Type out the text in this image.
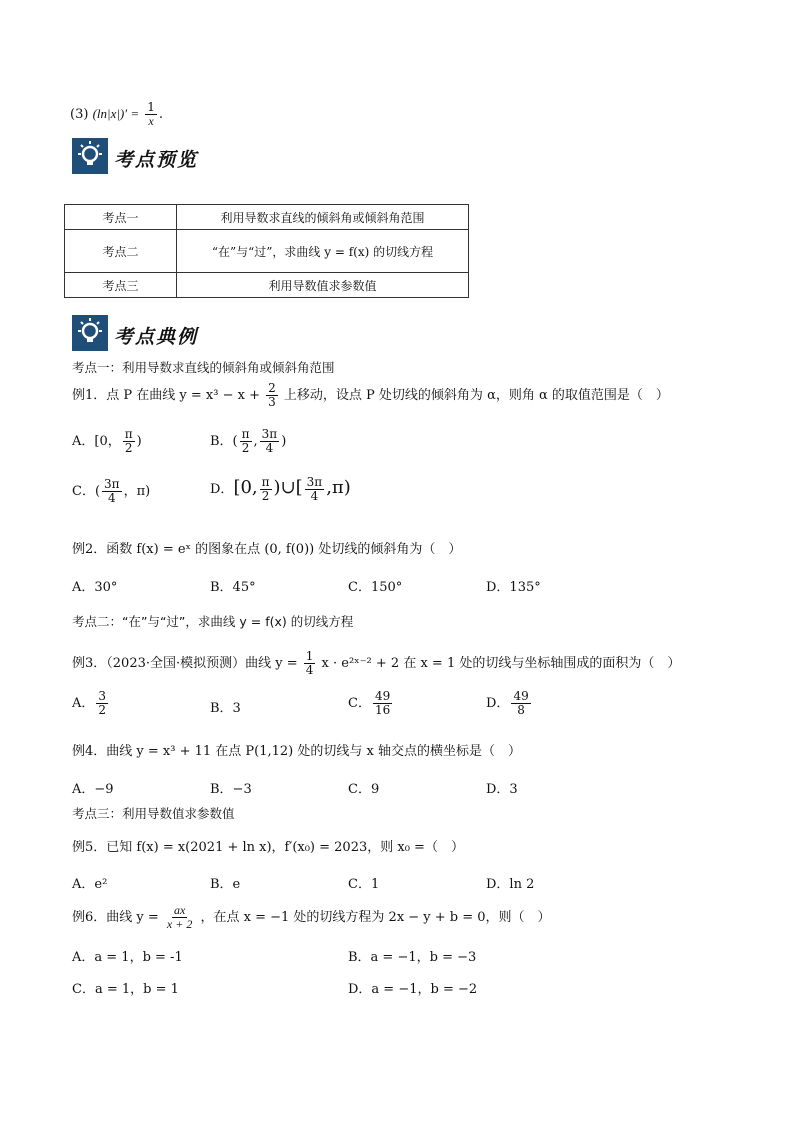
(3) $(\ln|x|)' = \frac{1}{x}$ .
考点预览
考点一	利用导数求直线的倾斜角或倾斜角范围
考点二	“在”与“过”，求曲线 y = f(x) 的切线方程
考点三	利用导数值求参数值
考点典例
考点一：利用导数求直线的倾斜角或倾斜角范围
例1．点 P 在曲线 $y = x^3 - x + \frac{2}{3}$ 上移动，设点 P 处切线的倾斜角为 α，则角 α 的取值范围是（　）
A．[0， $\frac{\pi}{2}$ )	B．( $\frac{\pi}{2}$ , $\frac{3\pi}{4}$ )
C．( $\frac{3\pi}{4}$ ，π)	D．[0, $\frac{\pi}{2}$ )∪[ $\frac{3\pi}{4} ,\pi$)
例2．函数 f(x) = eˣ 的图象在点 (0, f(0)) 处切线的倾斜角为（　）
A．30°	B．45°	C．150°	D．135°
考点二：“在”与“过”，求曲线 y = f(x) 的切线方程
例3．（2023·全国·模拟预测）曲线 $y = \frac{1}{4}$ x · e²ˣ⁻² + 2 在 x = 1 处的切线与坐标轴围成的面积为（　）
A． $\frac{3}{2}$	B．3	C． $\frac{49}{16}$	D． $\frac{49}{8}$
例4．曲线 y = x³ + 11 在点 P(1,12) 处的切线与 x 轴交点的横坐标是（　）
A．−9	B．−3	C．9	D．3
考点三：利用导数值求参数值
例5．已知 f(x) = x(2021 + ln x)，f′(x₀) = 2023，则 x₀ =（　）
A．e²	B．e	C．1	D．ln 2
例6．曲线 $y = \frac{ax}{x + 2}$ ，在点 x = −1 处的切线方程为 2x − y + b = 0，则（　）
A．a = 1，b = -1	B．a = −1，b = −3
C．a = 1，b = 1	D．a = −1，b = −2
